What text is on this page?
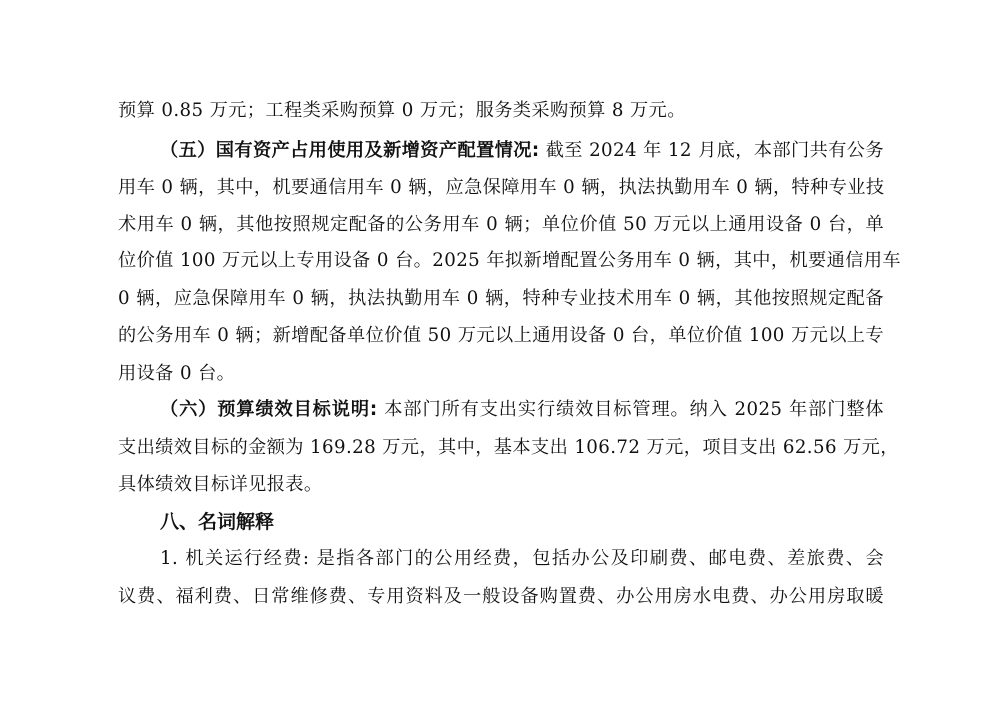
预算 0.85 万元；工程类采购预算 0 万元；服务类采购预算 8 万元。
（五）国有资产占用使用及新增资产配置情况: 截至 2024 年 12 月底，本部门共有公务
用车 0 辆，其中，机要通信用车 0 辆，应急保障用车 0 辆，执法执勤用车 0 辆，特种专业技
术用车 0 辆，其他按照规定配备的公务用车 0 辆；单位价值 50 万元以上通用设备 0 台，单
位价值 100 万元以上专用设备 0 台。2025 年拟新增配置公务用车 0 辆，其中，机要通信用车
0 辆，应急保障用车 0 辆，执法执勤用车 0 辆，特种专业技术用车 0 辆，其他按照规定配备
的公务用车 0 辆；新增配备单位价值 50 万元以上通用设备 0 台，单位价值 100 万元以上专
用设备 0 台。
（六）预算绩效目标说明: 本部门所有支出实行绩效目标管理。纳入 2025 年部门整体
支出绩效目标的金额为 169.28 万元，其中，基本支出 106.72 万元，项目支出 62.56 万元，
具体绩效目标详见报表。
八、名词解释
1. 机关运行经费: 是指各部门的公用经费，包括办公及印刷费、邮电费、差旅费、会
议费、福利费、日常维修费、专用资料及一般设备购置费、办公用房水电费、办公用房取暖
